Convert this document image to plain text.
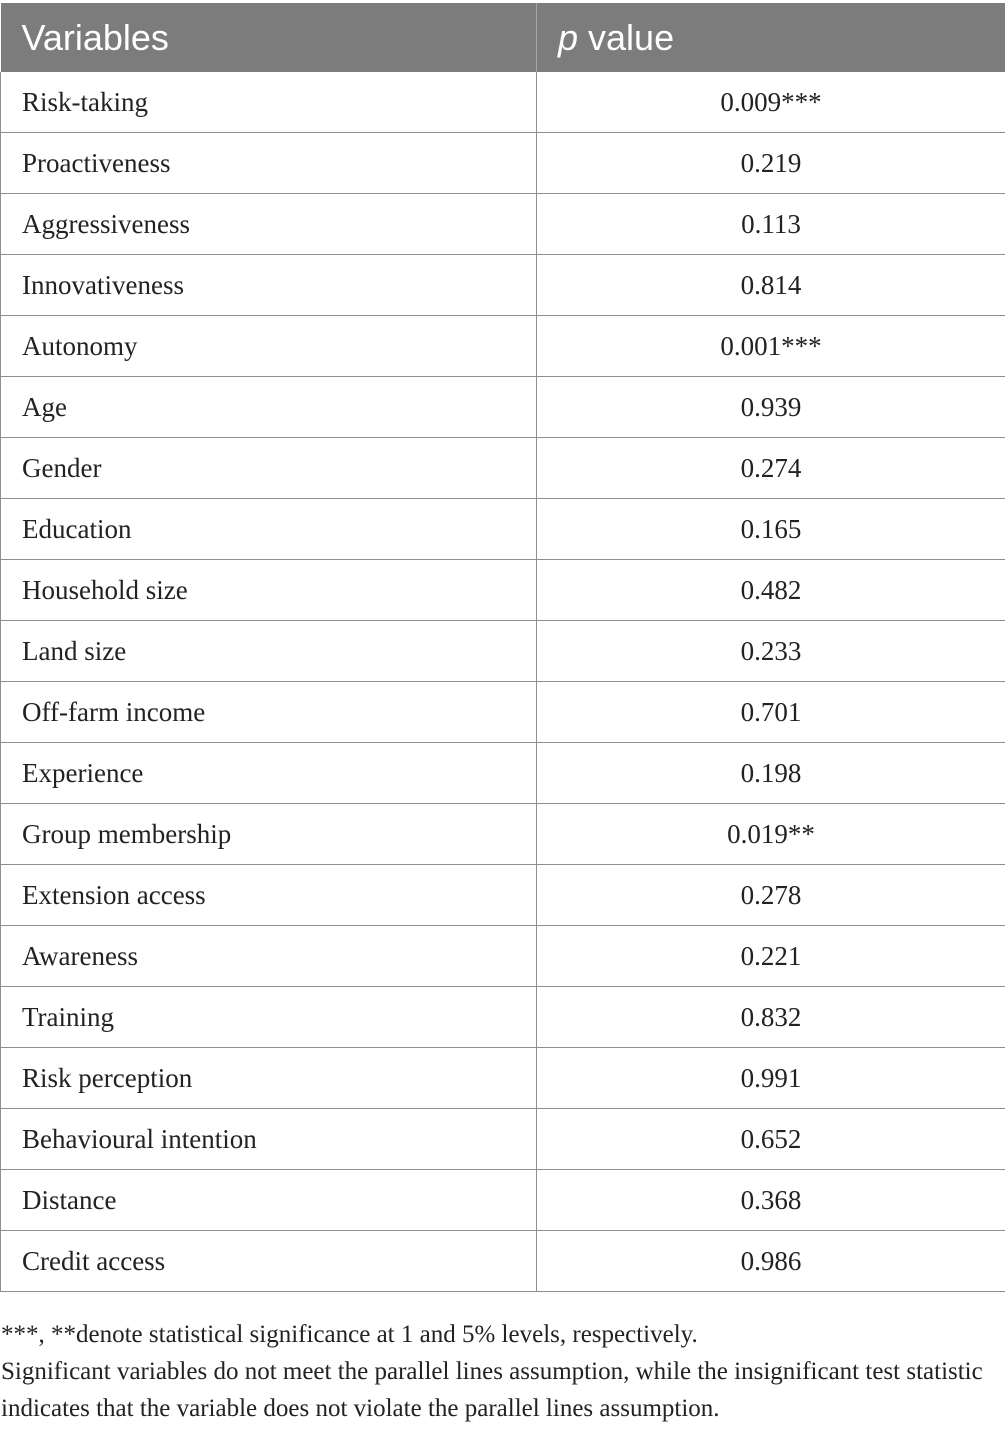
Variables	p value
Risk-taking	0.009***
Proactiveness	0.219
Aggressiveness	0.113
Innovativeness	0.814
Autonomy	0.001***
Age	0.939
Gender	0.274
Education	0.165
Household size	0.482
Land size	0.233
Off-farm income	0.701
Experience	0.198
Group membership	0.019**
Extension access	0.278
Awareness	0.221
Training	0.832
Risk perception	0.991
Behavioural intention	0.652
Distance	0.368
Credit access	0.986

***, **denote statistical significance at 1 and 5% levels, respectively.

Significant variables do not meet the parallel lines assumption, while the insignificant test statistic indicates that the variable does not violate the parallel lines assumption.
